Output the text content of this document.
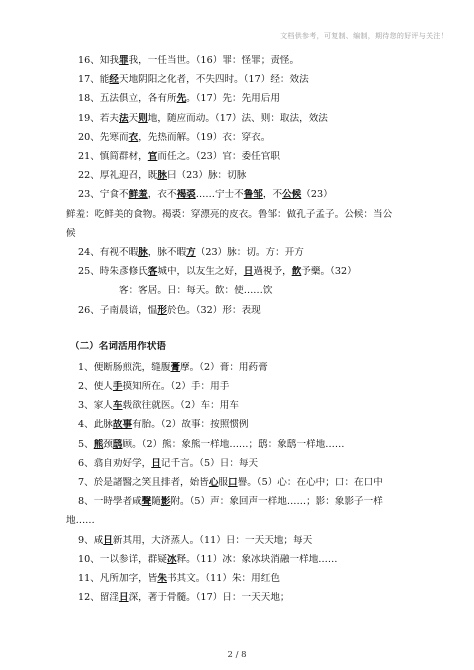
文档供参考，可复制、编制，期待您的好评与关注！
16、知我罪我，一任当世。（16）罪：怪罪；责怪。
17、能经天地阴阳之化者，不失四时。（17）经：效法
18、五法俱立，各有所先。（17）先：先用后用
19、若夫法天则地，随应而动。（17）法、则：取法，效法
20、先寒而衣，先热而解。（19）衣：穿衣。
21、慎简群材，官而任之。（23）官：委任官职
22、厚礼迎召，既脉曰（23）脉：切脉
23、宁食不鲜羞，衣不褐裘……宁士不鲁邹，不公候（23）
鲜羞：吃鲜美的食物。褐裘：穿漂亮的皮衣。鲁邹：做孔子孟子。公候：当公
候
24、有视不暇脉，脉不暇方（23）脉：切。方：开方
25、時朱彥修氏客城中，以友生之好，日過視予，飲予藥。（32）
客：客居。日：每天。飲：使……饮
26、子南晨谙，愠形於色。（32）形：表现
（二）名词活用作状语
1、便断肠煎洗，缝腹膏摩。（2）膏：用药膏
2、使人手摸知所在。（2）手：用手
3、家人车载欲往就医。（2）车：用车
4、此脉故事有胎。（2）故事：按照惯例
5、熊颈鸱顾。（2）熊：象熊一样地……；鸱：象鸱一样地……
6、翕自劝好学，日记千言。（5）日：每天
7、於是諸醫之笑且排者，始皆心服口譽。（5）心：在心中；口：在口中
8、一時學者咸聲隨影附。（5）声：象回声一样地……；影：象影子一样
地……
9、咸日新其用，大济蒸人。（11）日：一天天地；每天
10、一以参详，群疑冰释。（11）冰：象冰块消融一样地……
11、凡所加字，皆朱书其文。（11）朱：用红色
12、留淫日深，著于骨髓。（17）日：一天天地；
2 / 8
